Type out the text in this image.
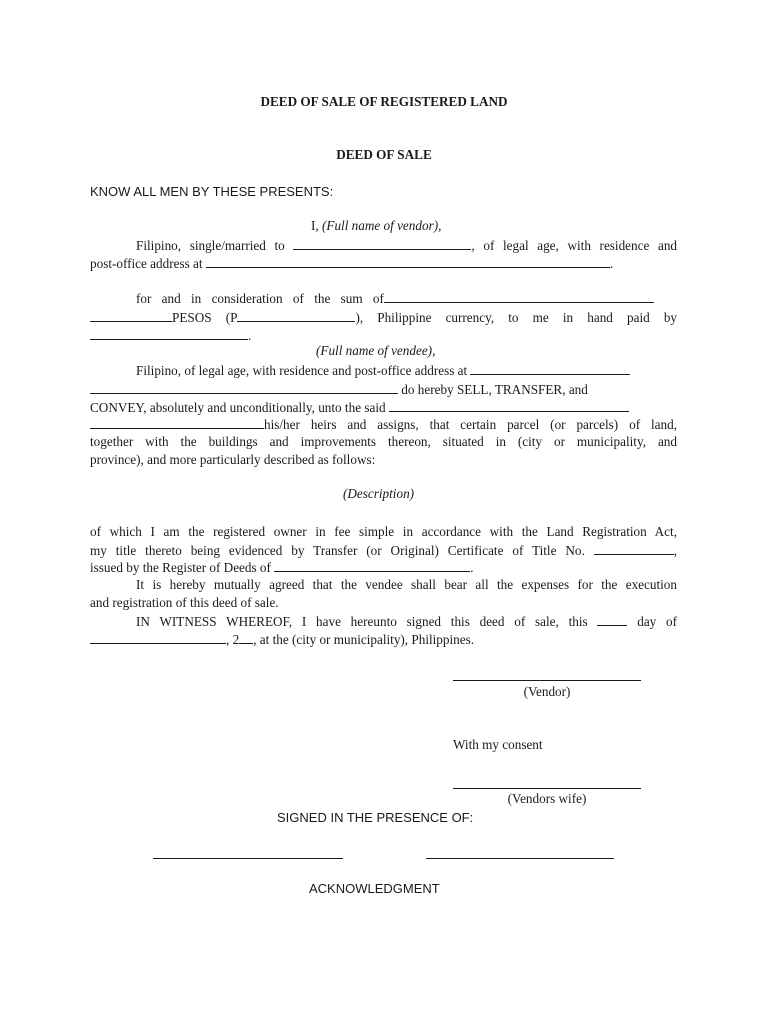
DEED OF SALE OF REGISTERED LAND
DEED OF SALE
KNOW ALL MEN BY THESE PRESENTS:
I, (Full name of vendor),
Filipino, single/married to	, of legal age, with residence and
post-office address at	.
for and in consideration of the sum of
PESOS (P	), Philippine currency, to me in hand paid by
.
(Full name of vendee),
Filipino, of legal age, with residence and post-office address at
do hereby SELL, TRANSFER, and
CONVEY, absolutely and unconditionally, unto the said
his/her heirs and assigns, that certain parcel (or parcels) of land,
together with the buildings and improvements thereon, situated in (city or municipality, and
province), and more particularly described as follows:
(Description)
of which I am the registered owner in fee simple in accordance with the Land Registration Act,
my title thereto being evidenced by Transfer (or Original) Certificate of Title No.	,
issued by the Register of Deeds of	.
It is hereby mutually agreed that the vendee shall bear all the expenses for the execution
and registration of this deed of sale.
IN WITNESS WHEREOF, I have hereunto signed this deed of sale, this	day of
, 2 , at the (city or municipality), Philippines.
(Vendor)
With my consent
(Vendors wife)
SIGNED IN THE PRESENCE OF:
ACKNOWLEDGMENT
